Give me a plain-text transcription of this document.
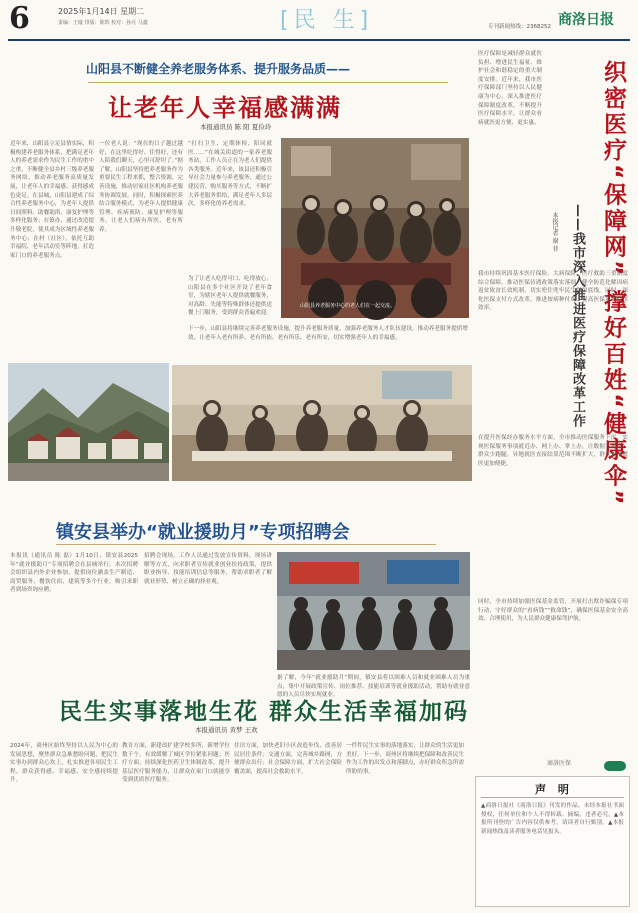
6	2025年1月14日 星期二
责编：王璇 排版：陈辉 校对：孙亮 马鑫	[民 生]	专刊新闻热线：2368252 商洛日报
山阳县不断健全养老服务体系、提升服务品质——
让老年人幸福感满满
本报通讯员 陈 阳 夏俭玲
近年来，山阳县立足县情实际，积极构建养老服务体系，把满足老年人的养老需求作为民生工作的重中之重，不断健全县乡村三级养老服务网络，推动养老服务高质量发展，让老年人的幸福感、获得感成色更足。在县城，山阳县建成了综合性养老服务中心，为老年人提供日间照料、助餐助浴、康复护理等多样化服务；在镇办，通过改造提升敬老院，使其成为区域性养老服务中心；在村（社区），依托互助幸福院、老年活动室等阵地，打造家门口的养老服务点。
一位老人说：“现在的日子越过越好，在这里吃得好、住得好，还有人陪我们聊天，心里可舒坦了。”据了解，山阳县坚持把养老服务作为重要民生工程来抓，整合资源、完善设施，推动居家社区机构养老服务协调发展。同时，积极探索医养结合服务模式，为老年人提供健康管理、疾病预防、康复护理等服务，让老人们病有所医、老有所养。
“打扫卫生、定期体检、陪同就医……”在城关街道的一家养老服务站，工作人员正在为老人们提供各类服务。近年来，该县还积极引导社会力量参与养老服务，通过公建民营、购买服务等方式，不断扩大养老服务供给，满足老年人多层次、多样化的养老需求。
为了让老人吃得可口、吃得放心，山阳县在多个社区开设了老年食堂，为辖区老年人提供就餐服务，对高龄、失能等特殊群体还提供送餐上门服务，受到群众普遍欢迎。
山阳县养老服务中心的老人们在一起交流。
下一步，山阳县将继续完善养老服务设施，提升养老服务质量，加强养老服务人才队伍建设，推动养老服务提质增效，让老年人老有所养、老有所依、老有所乐、老有所安，切实增强老年人的幸福感。
镇安县举办“就业援助月”专项招聘会
本报讯（通讯员 陈 磊）1月10日，镇安县2025年“就业援助月”专项招聘会在县城举行。本次招聘会组织县内外企业参加，提供岗位涵盖生产制造、商贸服务、餐饮住宿、建筑等多个行业，吸引求职者到场咨询应聘。
招聘会现场，工作人员通过发放宣传资料、现场讲解等方式，向求职者宣传就业创业扶持政策，提供职业指导、技能培训信息等服务，帮助求职者了解就业形势、树立正确的择业观。
据了解，今年“就业援助月”期间，镇安县将以困难人员和就业困难人员为重点，集中开展政策宣传、岗位推荐、技能培训等就业援助活动，帮助有就业意愿的人员尽快实现就业。
民生实事落地生花 群众生活幸福加码
本报通讯员 黄梦 王欢
2024年，商州区始终坚持以人民为中心的发展思想，聚焦群众急难愁盼问题，把民生实事办到群众心坎上，扎实推进各项民生工程，群众获得感、幸福感、安全感持续提升。
教育方面，新建改扩建学校多所，新增学位数千个，有效缓解了城区学位紧张问题；医疗方面，持续深化医药卫生体制改革，提升基层医疗服务能力，让群众在家门口就能享受到优质医疗服务。
住房方面，加快老旧小区改造步伐，改善居民居住条件；交通方面，完善城乡路网，方便群众出行；社会保障方面，扩大社会保险覆盖面，提高社会救助水平。
一件件民生实事的落地落实，让群众的生活更加美好。下一步，商州区将继续把保障和改善民生作为工作的出发点和落脚点，办好群众所急所需所盼的事。
织密医疗“保障网” 撑好百姓“健康伞”
——我市深入推进医疗保障改革工作
本报记者 谢 菲
医疗保障是减轻群众就医负担、增进民生福祉、维护社会和谐稳定的重大制度安排。近年来，我市医疗保障部门坚持以人民健康为中心，深入推进医疗保障制度改革，不断提升医疗保障水平，让群众看病就医更方便、更实惠。
我市持续巩固基本医疗保险、大病保险、医疗救助三重制度综合保障，推动医保待遇政策落实落细，健全防范化解因病返贫致贫长效机制，切实兜住兜牢民生保障底线。同时，深化医保支付方式改革，推进按病种付费，提高医保基金使用效率。
在提升医保经办服务水平方面，全市推动医保服务下沉，实现医保服务事项就近办、网上办、掌上办，让数据多跑路、群众少跑腿。异地就医直接结算范围不断扩大，群众异地就医更加便捷。
同时，全市持续加强医保基金监管，开展打击欺诈骗保专项行动，守好群众的“看病钱”“救命钱”，确保医保基金安全高效、合理使用，为人民群众健康保驾护航。
商洛医保
声 明
▲商洛日报社《商洛日报》刊发的作品，未经本报社书面授权，任何单位和个人不得转载、摘编，违者必究。▲本报所刊登的广告内容仅供参考，请读者自行甄别。▲本报新闻热线及读者服务电话见报头。
